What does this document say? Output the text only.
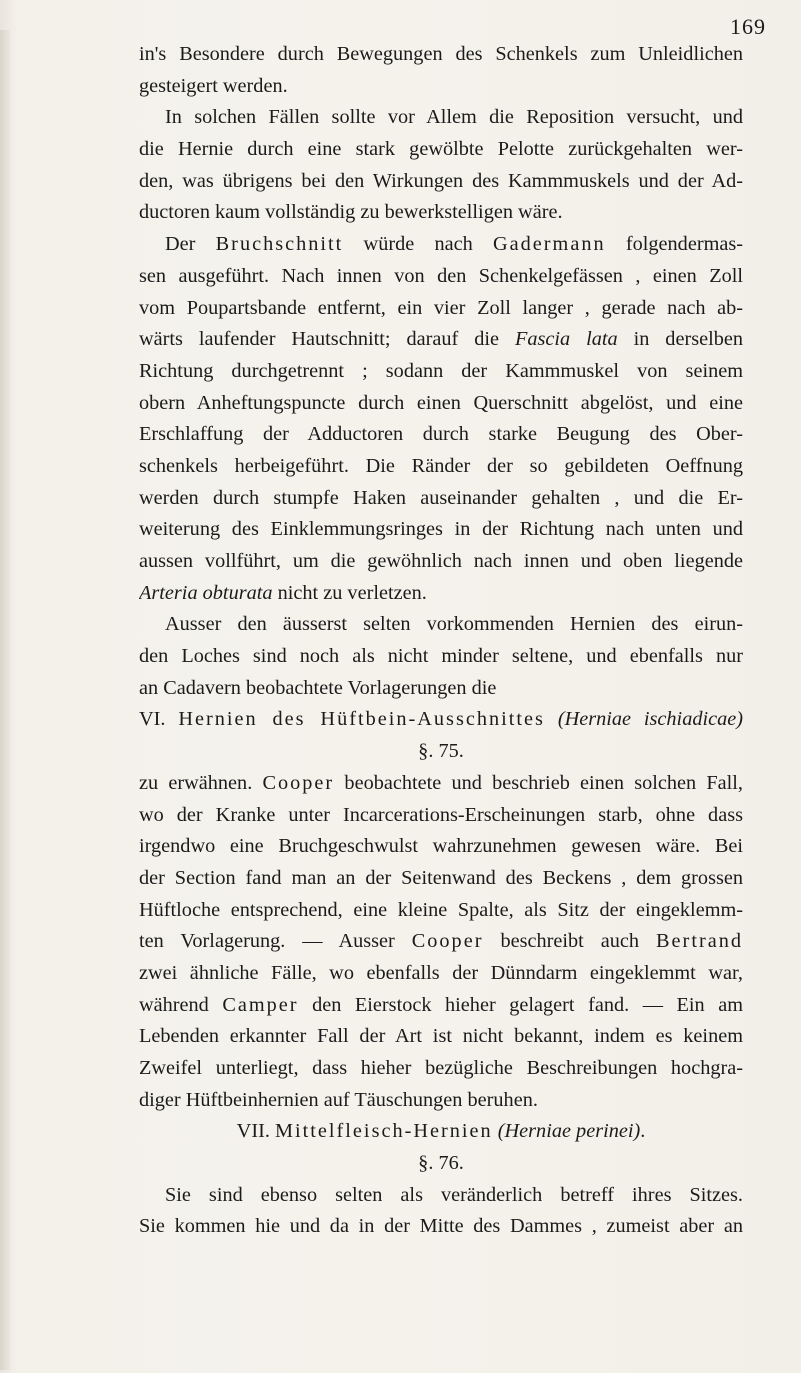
169
in's Besondere durch Bewegungen des Schenkels zum Unleidlichen
gesteigert werden.
In solchen Fällen sollte vor Allem die Reposition versucht, und
die Hernie durch eine stark gewölbte Pelotte zurückgehalten wer-
den, was übrigens bei den Wirkungen des Kammmuskels und der Ad-
ductoren kaum vollständig zu bewerkstelligen wäre.
Der Bruchschnitt würde nach Gadermann folgendermas-
sen ausgeführt. Nach innen von den Schenkelgefässen , einen Zoll
vom Poupartsbande entfernt, ein vier Zoll langer , gerade nach ab-
wärts laufender Hautschnitt; darauf die Fascia lata in derselben
Richtung durchgetrennt ; sodann der Kammmuskel von seinem
obern Anheftungspuncte durch einen Querschnitt abgelöst, und eine
Erschlaffung der Adductoren durch starke Beugung des Ober-
schenkels herbeigeführt. Die Ränder der so gebildeten Oeffnung
werden durch stumpfe Haken auseinander gehalten , und die Er-
weiterung des Einklemmungsringes in der Richtung nach unten und
aussen vollführt, um die gewöhnlich nach innen und oben liegende
Arteria obturata nicht zu verletzen.
Ausser den äusserst selten vorkommenden Hernien des eirun-
den Loches sind noch als nicht minder seltene, und ebenfalls nur
an Cadavern beobachtete Vorlagerungen die
VI. Hernien des Hüftbein-Ausschnittes (Herniae ischiadicae)
§. 75.
zu erwähnen. Cooper beobachtete und beschrieb einen solchen Fall,
wo der Kranke unter Incarcerations-Erscheinungen starb, ohne dass
irgendwo eine Bruchgeschwulst wahrzunehmen gewesen wäre. Bei
der Section fand man an der Seitenwand des Beckens , dem grossen
Hüftloche entsprechend, eine kleine Spalte, als Sitz der eingeklemm-
ten Vorlagerung. — Ausser Cooper beschreibt auch Bertrand
zwei ähnliche Fälle, wo ebenfalls der Dünndarm eingeklemmt war,
während Camper den Eierstock hieher gelagert fand. — Ein am
Lebenden erkannter Fall der Art ist nicht bekannt, indem es keinem
Zweifel unterliegt, dass hieher bezügliche Beschreibungen hochgra-
diger Hüftbeinhernien auf Täuschungen beruhen.
VII. Mittelfleisch-Hernien (Herniae perinei).
§. 76.
Sie sind ebenso selten als veränderlich betreff ihres Sitzes.
Sie kommen hie und da in der Mitte des Dammes , zumeist aber an
